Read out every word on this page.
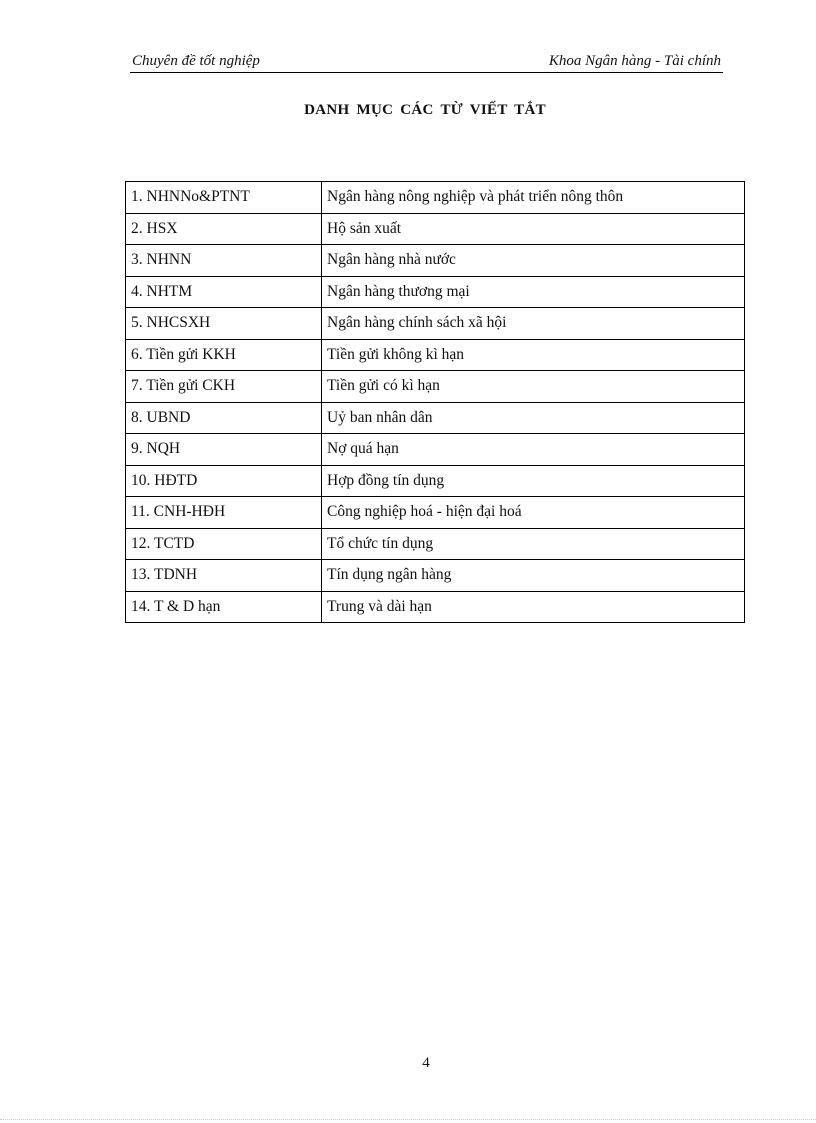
Chuyên đề tốt nghiệp	Khoa Ngân hàng - Tài chính
DANH MỤC CÁC TỪ VIẾT TẮT
1. NHNNo&PTNT	Ngân hàng nông nghiệp và phát triển nông thôn
2. HSX	Hộ sản xuất
3. NHNN	Ngân hàng nhà nước
4. NHTM	Ngân hàng thương mại
5. NHCSXH	Ngân hàng chính sách xã hội
6. Tiền gửi KKH	Tiền gửi không kì hạn
7. Tiền gửi CKH	Tiền gửi có kì hạn
8. UBND	Uỷ ban nhân dân
9. NQH	Nợ quá hạn
10. HĐTD	Hợp đồng tín dụng
11. CNH-HĐH	Công nghiệp hoá - hiện đại hoá
12. TCTD	Tổ chức tín dụng
13. TDNH	Tín dụng ngân hàng
14. T & D hạn	Trung và dài hạn
4
